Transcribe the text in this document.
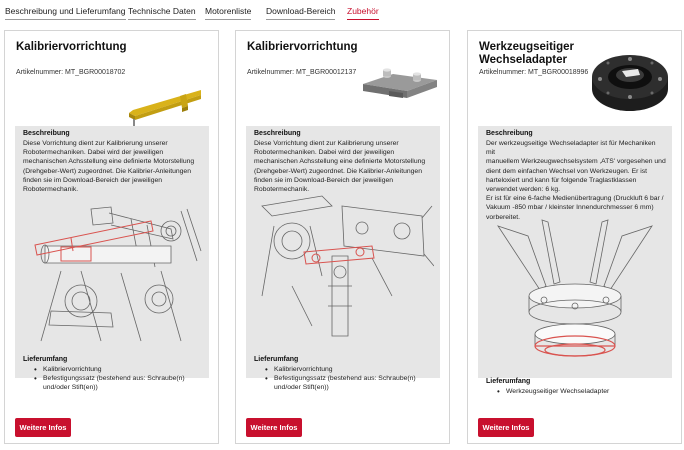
Beschreibung und Lieferumfang Technische Daten Motorenliste Download-Bereich Zubehör
Kalibriervorrichtung
Artikelnummer: MT_BGR00018702
Beschreibung
Diese Vorrichtung dient zur Kalibrierung unserer
Robotermechaniken. Dabei wird der jeweiligen
mechanischen Achsstellung eine definierte Motorstellung
(Drehgeber-Wert) zugeordnet. Die Kalibrier-Anleitungen
finden sie im Download-Bereich der jeweiligen
Robotermechanik.
Lieferumfang
• Kalibriervorrichtung
• Befestigungssatz (bestehend aus: Schraube(n)
und/oder Stift(en))
Weitere Infos
Kalibriervorrichtung
Artikelnummer: MT_BGR00012137
Beschreibung
Diese Vorrichtung dient zur Kalibrierung unserer
Robotermechaniken. Dabei wird der jeweiligen
mechanischen Achsstellung eine definierte Motorstellung
(Drehgeber-Wert) zugeordnet. Die Kalibrier-Anleitungen
finden sie im Download-Bereich der jeweiligen
Robotermechanik.
Lieferumfang
• Kalibriervorrichtung
• Befestigungssatz (bestehend aus: Schraube(n)
und/oder Stift(en))
Weitere Infos
Werkzeugseitiger
Wechseladapter
Artikelnummer: MT_BGR00018996
Beschreibung
Der werkzeugseitige Wechseladapter ist für Mechaniken mit
manuellem Werkzeugwechselsystem ‚ATS' vorgesehen und
dient dem einfachen Wechsel von Werkzeugen. Er ist
harteloxiert und kann für folgende Traglastklassen
verwendet werden: 6 kg.
Er ist für eine 6-fache Medienübertragung (Druckluft 6 bar /
Vakuum -850 mbar / kleinster Innendurchmesser 6 mm)
vorbereitet.
Lieferumfang
• Werkzeugseitiger Wechseladapter
Weitere Infos
